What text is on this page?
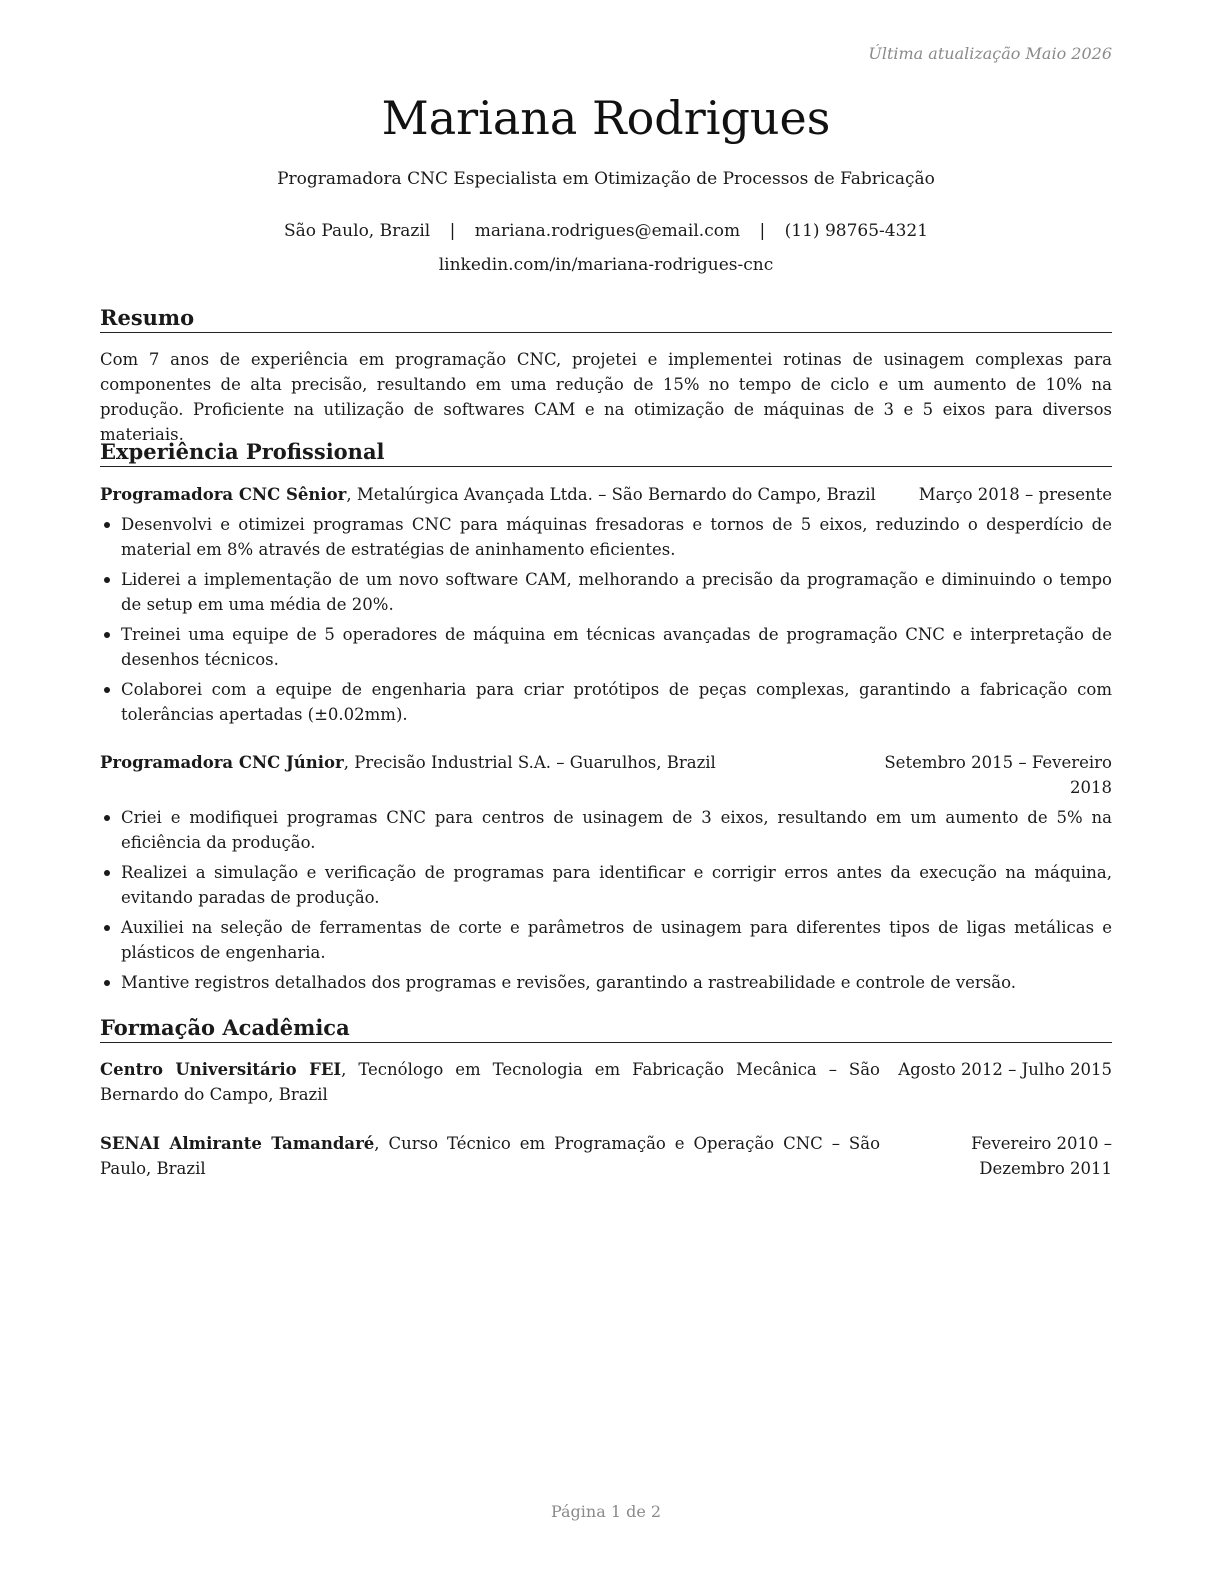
Última atualização Maio 2026
Mariana Rodrigues
Programadora CNC Especialista em Otimização de Processos de Fabricação
São Paulo, Brazil | mariana.rodrigues@email.com | (11) 98765-4321
linkedin.com/in/mariana-rodrigues-cnc
Resumo
Com 7 anos de experiência em programação CNC, projetei e implementei rotinas de usinagem complexas para componentes de alta precisão, resultando em uma redução de 15% no tempo de ciclo e um aumento de 10% na produção. Proficiente na utilização de softwares CAM e na otimização de máquinas de 3 e 5 eixos para diversos materiais.
Experiência Profissional
Programadora CNC Sênior, Metalúrgica Avançada Ltda. – São Bernardo do Campo, Brazil	Março 2018 – presente
Desenvolvi e otimizei programas CNC para máquinas fresadoras e tornos de 5 eixos, reduzindo o desperdício de material em 8% através de estratégias de aninhamento eficientes.
Liderei a implementação de um novo software CAM, melhorando a precisão da programação e diminuindo o tempo de setup em uma média de 20%.
Treinei uma equipe de 5 operadores de máquina em técnicas avançadas de programação CNC e interpretação de desenhos técnicos.
Colaborei com a equipe de engenharia para criar protótipos de peças complexas, garantindo a fabricação com tolerâncias apertadas (±0.02mm).
Programadora CNC Júnior, Precisão Industrial S.A. – Guarulhos, Brazil	Setembro 2015 – Fevereiro 2018
Criei e modifiquei programas CNC para centros de usinagem de 3 eixos, resultando em um aumento de 5% na eficiência da produção.
Realizei a simulação e verificação de programas para identificar e corrigir erros antes da execução na máquina, evitando paradas de produção.
Auxiliei na seleção de ferramentas de corte e parâmetros de usinagem para diferentes tipos de ligas metálicas e plásticos de engenharia.
Mantive registros detalhados dos programas e revisões, garantindo a rastreabilidade e controle de versão.
Formação Acadêmica
Centro Universitário FEI, Tecnólogo em Tecnologia em Fabricação Mecânica – São Bernardo do Campo, Brazil
Agosto 2012 – Julho 2015
SENAI Almirante Tamandaré, Curso Técnico em Programação e Operação CNC – São Paulo, Brazil
Fevereiro 2010 – Dezembro 2011
Página 1 de 2
